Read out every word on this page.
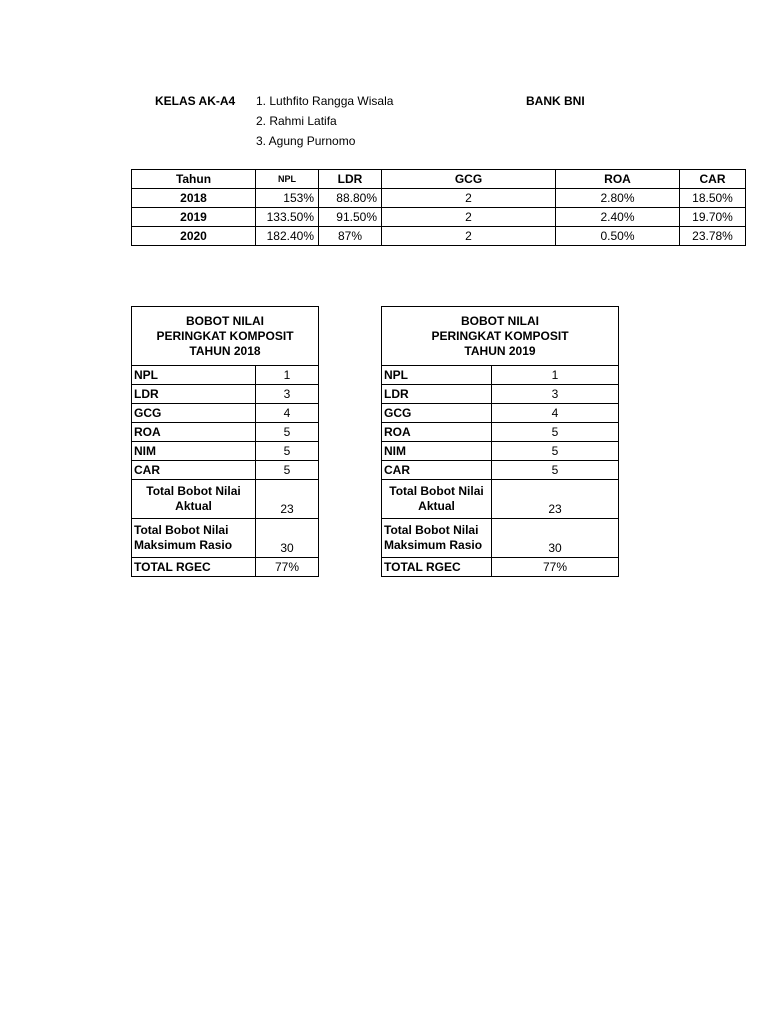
KELAS AK-A4 1. Luthfito Rangga Wisala
2. Rahmi Latifa
3. Agung Purnomo
BANK BNI
Tahun	NPL	LDR	GCG	ROA	CAR
2018	153%	88.80%	2	2.80%	18.50%
2019	133.50%	91.50%	2	2.40%	19.70%
2020	182.40%	87%	2	0.50%	23.78%
BOBOT NILAI
PERINGKAT KOMPOSIT
TAHUN 2018	

NPL	1
LDR	3
GCG	4
ROA	5
NIM	5
CAR	5

Total Bobot Nilai
Aktual	23

Total Bobot Nilai
Maksimum Rasio	30
TOTAL RGEC	77%
BOBOT NILAI
PERINGKAT KOMPOSIT
TAHUN 2019	

NPL	1
LDR	3
GCG	4
ROA	5
NIM	5
CAR	5

Total Bobot Nilai
Aktual	23

Total Bobot Nilai
Maksimum Rasio	30
TOTAL RGEC	77%
